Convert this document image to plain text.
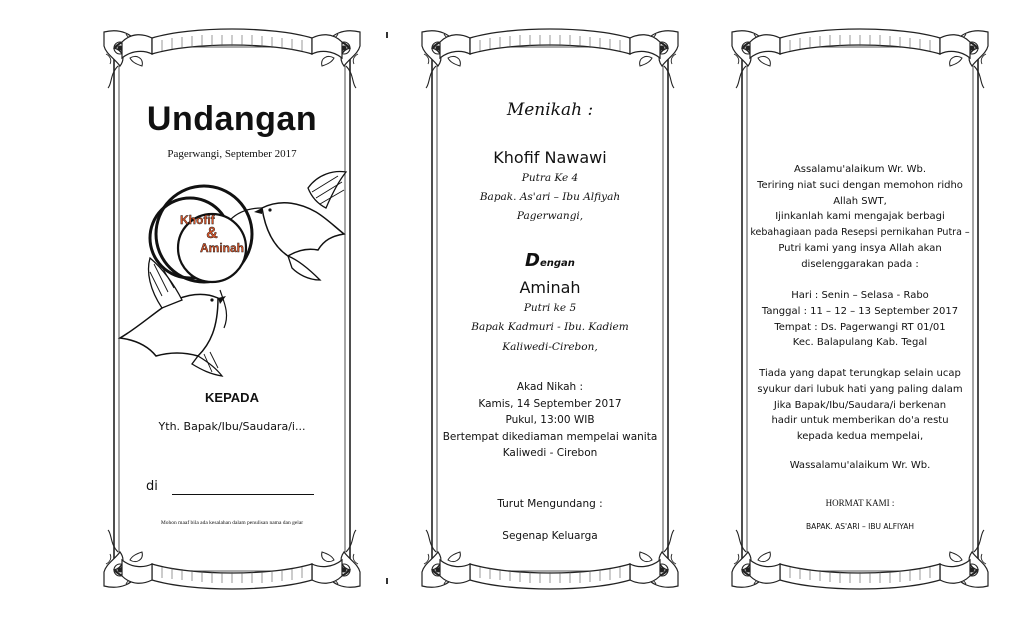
Undangan
Pagerwangi, September 2017
Khofif
&
Aminah
KEPADA
Yth. Bapak/Ibu/Saudara/i...
di
Mohon maaf bila ada kesalahan dalam penulisan nama dan gelar
Menikah :
Khofif Nawawi
Putra Ke 4
Bapak. As'ari – Ibu Alfiyah
Pagerwangi,
Dengan
Aminah
Putri ke 5
Bapak Kadmuri - Ibu. Kadiem
Kaliwedi-Cirebon,
Akad Nikah :
Kamis, 14 September 2017
Pukul, 13:00 WIB
Bertempat dikediaman mempelai wanita
Kaliwedi - Cirebon
Turut Mengundang :
Segenap Keluarga
Assalamu'alaikum Wr. Wb.
Teriring niat suci dengan memohon ridho
Allah SWT,
Ijinkanlah kami mengajak berbagi
kebahagiaan pada Resepsi pernikahan Putra –
Putri kami yang insya Allah akan
diselenggarakan pada :
Hari : Senin – Selasa - Rabo
Tanggal : 11 – 12 – 13 September 2017
Tempat : Ds. Pagerwangi RT 01/01
Kec. Balapulang Kab. Tegal
Tiada yang dapat terungkap selain ucap
syukur dari lubuk hati yang paling dalam
Jika Bapak/Ibu/Saudara/i berkenan
hadir untuk memberikan do'a restu
kepada kedua mempelai,
Wassalamu'alaikum Wr. Wb.
HORMAT KAMI :
BAPAK. AS'ARI – IBU ALFIYAH
